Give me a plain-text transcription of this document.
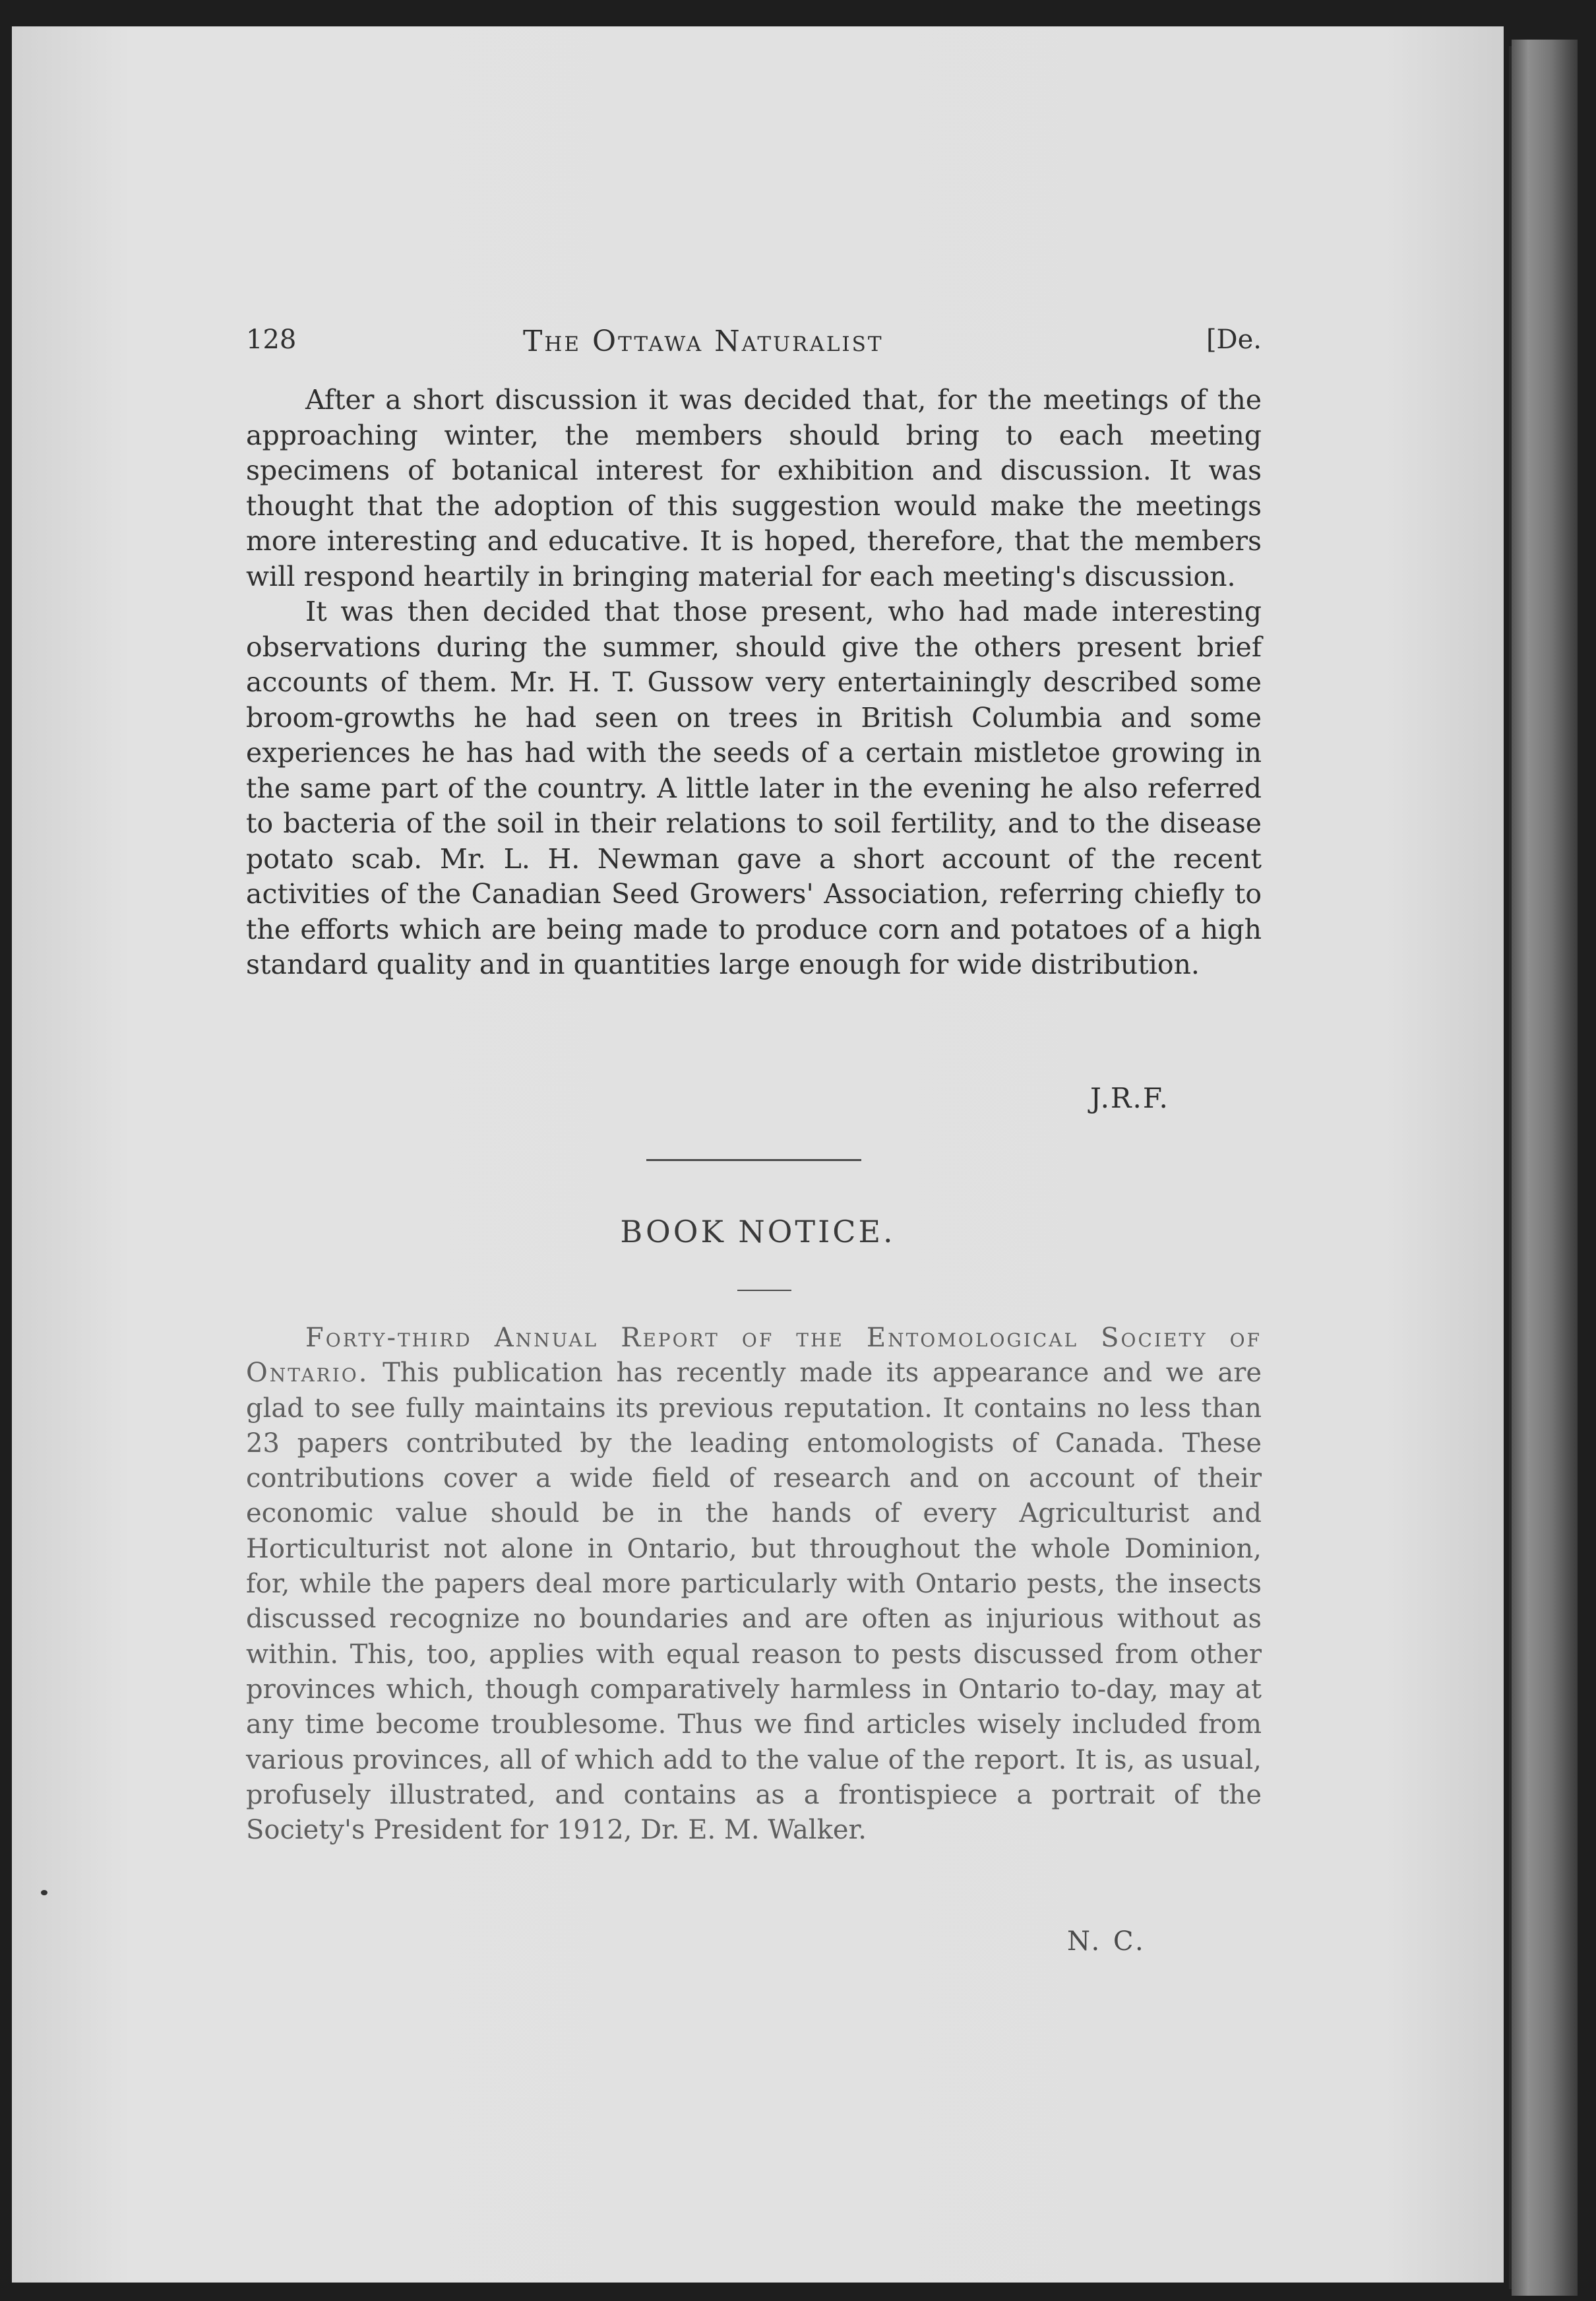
128	The Ottawa Naturalist	[De.

After a short discussion it was decided that, for the meetings of the approaching winter, the members should bring to each meeting specimens of botanical interest for exhibition and discussion. It was thought that the adoption of this suggestion would make the meetings more interesting and educative. It is hoped, therefore, that the members will respond heartily in bringing material for each meeting's discussion.

It was then decided that those present, who had made interesting observations during the summer, should give the others present brief accounts of them. Mr. H. T. Gussow very entertainingly described some broom-growths he had seen on trees in British Columbia and some experiences he has had with the seeds of a certain mistletoe growing in the same part of the country. A little later in the evening he also referred to bacteria of the soil in their relations to soil fertility, and to the disease potato scab. Mr. L. H. Newman gave a short account of the recent activities of the Canadian Seed Growers' Association, referring chiefly to the efforts which are being made to produce corn and potatoes of a high standard quality and in quantities large enough for wide distribution.

J.R.F.
BOOK NOTICE.

Forty-third Annual Report of the Entomological Society of Ontario. This publication has recently made its appearance and we are glad to see fully maintains its previous reputation. It contains no less than 23 papers contributed by the leading entomologists of Canada. These contributions cover a wide field of research and on account of their economic value should be in the hands of every Agriculturist and Horticulturist not alone in Ontario, but throughout the whole Dominion, for, while the papers deal more particularly with Ontario pests, the insects discussed recognize no boundaries and are often as injurious without as within. This, too, applies with equal reason to pests discussed from other provinces which, though comparatively harmless in Ontario to-day, may at any time become troublesome. Thus we find articles wisely included from various provinces, all of which add to the value of the report. It is, as usual, profusely illustrated, and contains as a frontispiece a portrait of the Society's President for 1912, Dr. E. M. Walker.

N. C.
